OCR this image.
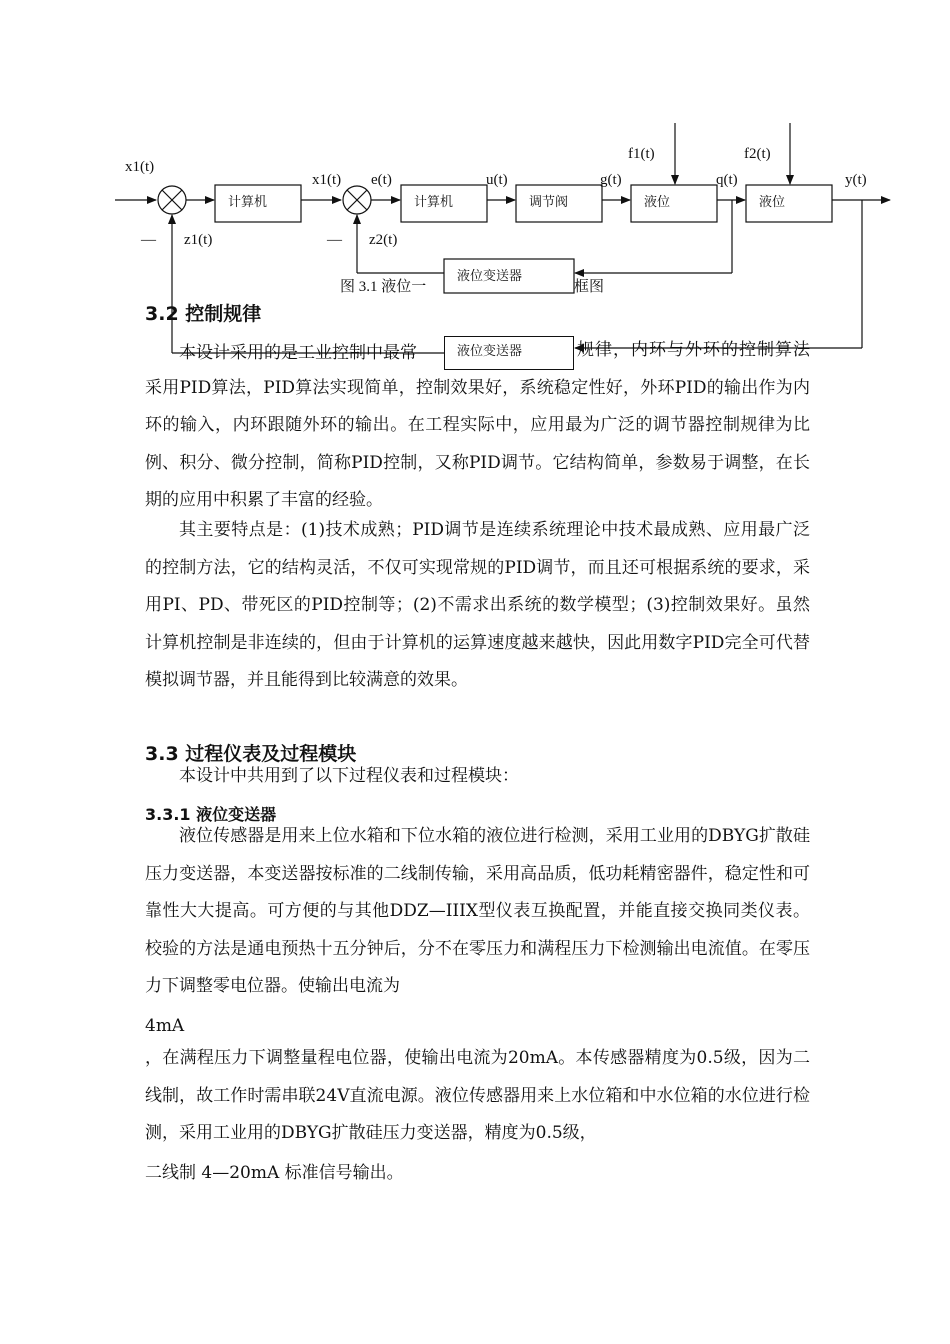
x1(t)
x1(t) e(t)	u(t)	g(t)	q(t)	y(t)
f1(t)	f2(t)
z1(t)	z2(t)
—	—
计算机	计算机	调节阀	液位	液位
液位变送器
图 3.1 液位一	框图
3.2 控制规律

本设计采用的是工业控制中最常	液位变送器	规律，内环与外环的控制算法采用PID算法，PID算法实现简单，控制效果好，系统稳定性好，外环PID的输出作为内环的输入，内环跟随外环的输出。在工程实际中，应用最为广泛的调节器控制规律为比例、积分、微分控制，简称PID控制，又称PID调节。它结构简单，参数易于调整，在长期的应用中积累了丰富的经验。

其主要特点是：(1)技术成熟；PID调节是连续系统理论中技术最成熟、应用最广泛的控制方法，它的结构灵活，不仅可实现常规的PID调节，而且还可根据系统的要求，采用PI、PD、带死区的PID控制等；(2)不需求出系统的数学模型；(3)控制效果好。虽然计算机控制是非连续的，但由于计算机的运算速度越来越快，因此用数字PID完全可代替模拟调节器，并且能得到比较满意的效果。

3.3 过程仪表及过程模块

本设计中共用到了以下过程仪表和过程模块：

3.3.1 液位变送器

液位传感器是用来上位水箱和下位水箱的液位进行检测，采用工业用的DBYG扩散硅压力变送器，本变送器按标准的二线制传输，采用高品质，低功耗精密器件，稳定性和可靠性大大提高。可方便的与其他DDZ—IIIX型仪表互换配置，并能直接交换同类仪表。校验的方法是通电预热十五分钟后，分不在零压力和满程压力下检测输出电流值。在零压力下调整零电位器。使输出电流为

4mA

，在满程压力下调整量程电位器，使输出电流为20mA。本传感器精度为0.5级，因为二线制，故工作时需串联24V直流电源。液位传感器用来上水位箱和中水位箱的水位进行检测，采用工业用的DBYG扩散硅压力变送器，精度为0.5级，

二线制 4—20mA 标准信号输出。
